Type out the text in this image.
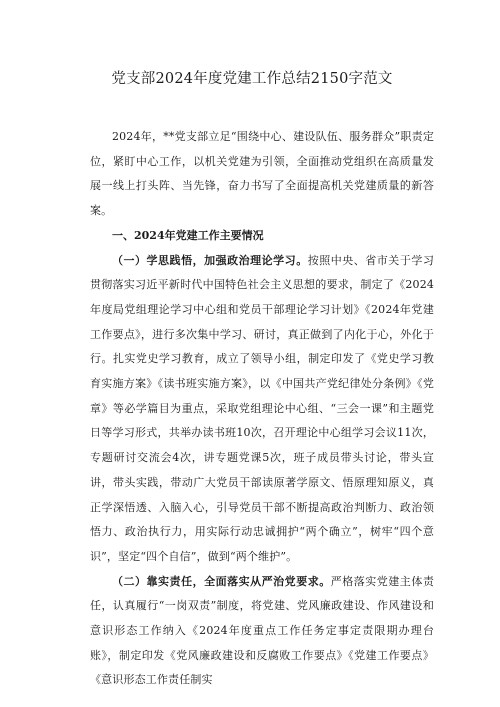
党支部2024年度党建工作总结2150字范文

2024年，**党支部立足“围绕中心、建设队伍、服务群众”职责定位，紧盯中心工作，以机关党建为引领，全面推动党组织在高质量发展一线上打头阵、当先锋，奋力书写了全面提高机关党建质量的新答案。

一、2024年党建工作主要情况

（一）学思践悟，加强政治理论学习。按照中央、省市关于学习贯彻落实习近平新时代中国特色社会主义思想的要求，制定了《2024年度局党组理论学习中心组和党员干部理论学习计划》《2024年党建工作要点》，进行多次集中学习、研讨，真正做到了内化于心，外化于行。扎实党史学习教育，成立了领导小组，制定印发了《党史学习教育实施方案》《读书班实施方案》，以《中国共产党纪律处分条例》《党章》等必学篇目为重点，采取党组理论中心组、“三会一课”和主题党日等学习形式，共举办读书班10次，召开理论中心组学习会议11次，专题研讨交流会4次，讲专题党课5次，班子成员带头讨论，带头宣讲，带头实践，带动广大党员干部读原著学原文、悟原理知原义，真正学深悟透、入脑入心，引导党员干部不断提高政治判断力、政治领悟力、政治执行力，用实际行动忠诚拥护“两个确立”，树牢“四个意识”，坚定“四个自信”，做到“两个维护”。

（二）靠实责任，全面落实从严治党要求。严格落实党建主体责任，认真履行“一岗双责”制度，将党建、党风廉政建设、作风建设和意识形态工作纳入《2024年度重点工作任务定事定责限期办理台账》，制定印发《党风廉政建设和反腐败工作要点》《党建工作要点》《意识形态工作责任制实
